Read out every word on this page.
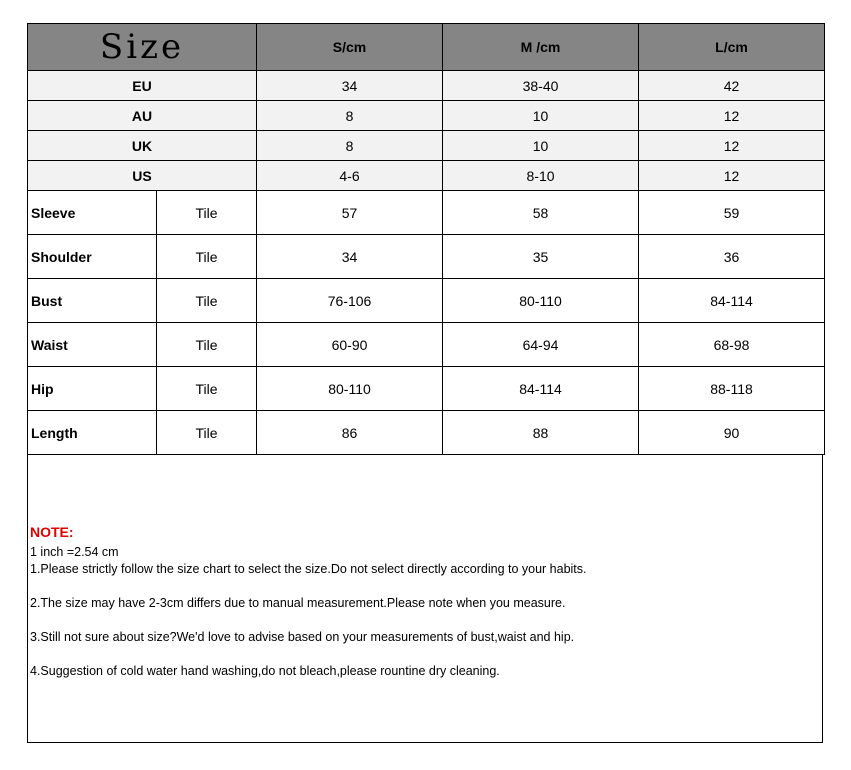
Size		S/cm	M /cm	L/cm
EU		34	38-40	42
AU		8	10	12
UK		8	10	12
US		4-6	8-10	12
Sleeve	Tile	57	58	59
Shoulder	Tile	34	35	36
Bust	Tile	76-106	80-110	84-114
Waist	Tile	60-90	64-94	68-98
Hip	Tile	80-110	84-114	88-118
Length	Tile	86	88	90

NOTE:

1 inch =2.54 cm

1.Please strictly follow the size chart to select the size.Do not select directly according to your habits.

2.The size may have 2-3cm differs due to manual measurement.Please note when you measure.

3.Still not sure about size?We'd love to advise based on your measurements of bust,waist and hip.

4.Suggestion of cold water hand washing,do not bleach,please rountine dry cleaning.
